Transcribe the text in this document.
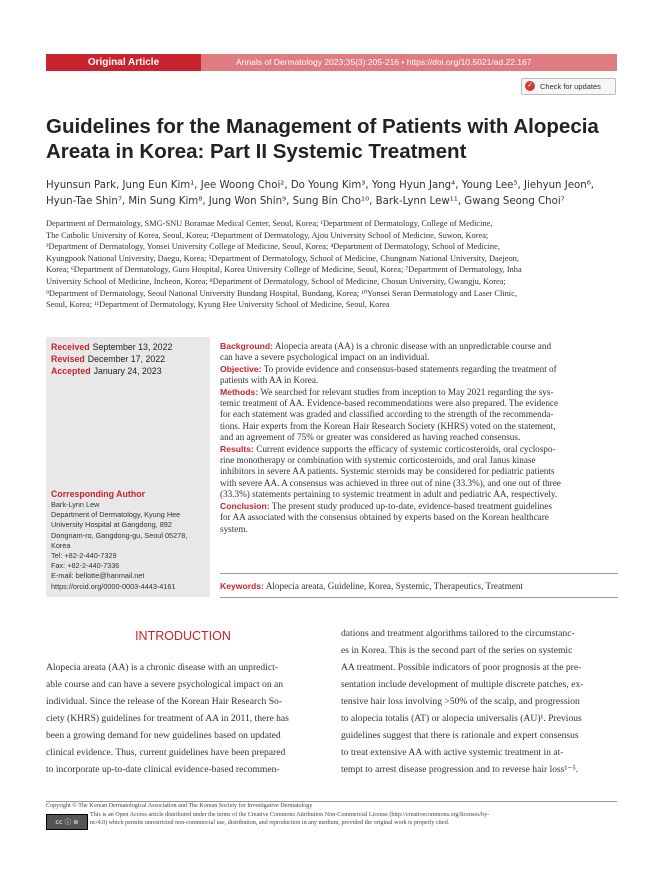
Original Article	Annals of Dermatology 2023;35(3):205-216 • https://doi.org/10.5021/ad.22.167
✓ Check for updates
Guidelines for the Management of Patients with Alopecia
Areata in Korea: Part II Systemic Treatment
Hyunsun Park, Jung Eun Kim¹, Jee Woong Choi², Do Young Kim³, Yong Hyun Jang⁴, Young Lee⁵, Jiehyun Jeon⁶,
Hyun-Tae Shin⁷, Min Sung Kim⁸, Jung Won Shin⁹, Sung Bin Cho¹⁰, Bark-Lynn Lew¹¹, Gwang Seong Choi⁷
Department of Dermatology, SMG-SNU Boramae Medical Center, Seoul, Korea; ¹Department of Dermatology, College of Medicine,
The Catholic University of Korea, Seoul, Korea; ²Department of Dermatology, Ajou University School of Medicine, Suwon, Korea;
³Department of Dermatology, Yonsei University College of Medicine, Seoul, Korea; ⁴Department of Dermatology, School of Medicine,
Kyungpook National University, Daegu, Korea; ⁵Department of Dermatology, School of Medicine, Chungnam National University, Daejeon,
Korea; ⁶Department of Dermatology, Guro Hospital, Korea University College of Medicine, Seoul, Korea; ⁷Department of Dermatology, Inha
University School of Medicine, Incheon, Korea; ⁸Department of Dermatology, School of Medicine, Chosun University, Gwangju, Korea;
⁹Department of Dermatology, Seoul National University Bundang Hospital, Bundang, Korea; ¹⁰Yonsei Seran Dermatology and Laser Clinic,
Seoul, Korea; ¹¹Department of Dermatology, Kyung Hee University School of Medicine, Seoul, Korea
Received September 13, 2022
Revised December 17, 2022
Accepted January 24, 2023
Corresponding Author
Bark-Lynn Lew
Department of Dermatology, Kyung Hee
University Hospital at Gangdong, 892
Dongnam-ro, Gangdong-gu, Seoul 05278,
Korea
Tel: +82-2-440-7329
Fax: +82-2-440-7336
E-mail: bellotte@hanmail.net
https://orcid.org/0000-0003-4443-4161
Background: Alopecia areata (AA) is a chronic disease with an unpredictable course and
can have a severe psychological impact on an individual.
Objective: To provide evidence and consensus-based statements regarding the treatment of
patients with AA in Korea.
Methods: We searched for relevant studies from inception to May 2021 regarding the sys-
temic treatment of AA. Evidence-based recommendations were also prepared. The evidence
for each statement was graded and classified according to the strength of the recommenda-
tions. Hair experts from the Korean Hair Research Society (KHRS) voted on the statement,
and an agreement of 75% or greater was considered as having reached consensus.
Results: Current evidence supports the efficacy of systemic corticosteroids, oral cyclospo-
rine monotherapy or combination with systemic corticosteroids, and oral Janus kinase
inhibitors in severe AA patients. Systemic steroids may be considered for pediatric patients
with severe AA. A consensus was achieved in three out of nine (33.3%), and one out of three
(33.3%) statements pertaining to systemic treatment in adult and pediatric AA, respectively.
Conclusion: The present study produced up-to-date, evidence-based treatment guidelines
for AA associated with the consensus obtained by experts based on the Korean healthcare
system.
Keywords: Alopecia areata, Guideline, Korea, Systemic, Therapeutics, Treatment
INTRODUCTION
Alopecia areata (AA) is a chronic disease with an unpredict-
able course and can have a severe psychological impact on an
individual. Since the release of the Korean Hair Research So-
ciety (KHRS) guidelines for treatment of AA in 2011, there has
been a growing demand for new guidelines based on updated
clinical evidence. Thus, current guidelines have been prepared
to incorporate up-to-date clinical evidence-based recommen-
dations and treatment algorithms tailored to the circumstanc-
es in Korea. This is the second part of the series on systemic
AA treatment. Possible indicators of poor prognosis at the pre-
sentation include development of multiple discrete patches, ex-
tensive hair loss involving >50% of the scalp, and progression
to alopecia totalis (AT) or alopecia universalis (AU)¹. Previous
guidelines suggest that there is rationale and expert consensus
to treat extensive AA with active systemic treatment in at-
tempt to arrest disease progression and to reverse hair loss¹⁻⁵.
Copyright © The Korean Dermatological Association and The Korean Society for Investigative Dermatology
This is an Open Access article distributed under the terms of the Creative Commons Attribution Non-Commercial License (http://creativecommons.org/licenses/by-
nc/4.0) which permits unrestricted non-commercial use, distribution, and reproduction in any medium, provided the original work is properly cited.
cc ⓘ ⊜
